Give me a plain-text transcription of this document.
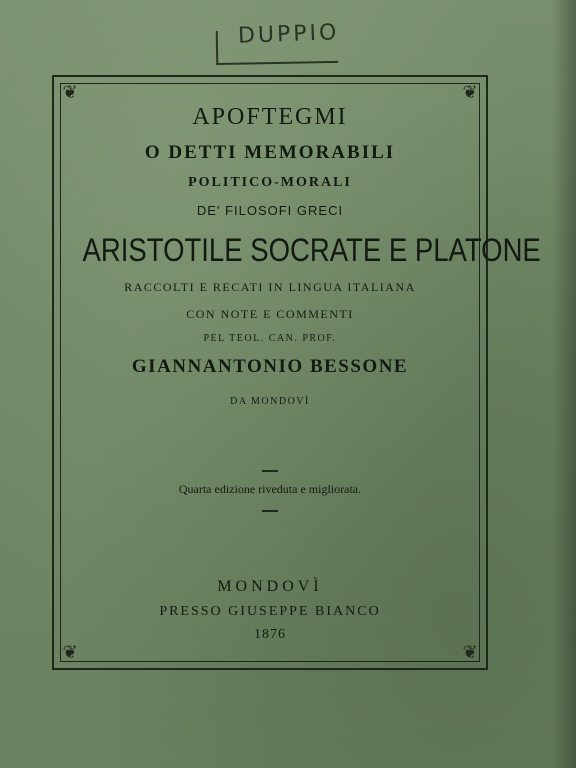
DUPPIO
❦	❦
❦	❦
APOFTEGMI
O DETTI MEMORABILI
POLITICO-MORALI
DE' FILOSOFI GRECI
ARISTOTILE SOCRATE E PLATONE
RACCOLTI E RECATI IN LINGUA ITALIANA
CON NOTE E COMMENTI
PEL TEOL. CAN. PROF.
GIANNANTONIO BESSONE
DA MONDOVÌ
Quarta edizione riveduta e migliorata.
MONDOVÌ
PRESSO GIUSEPPE BIANCO
1876
